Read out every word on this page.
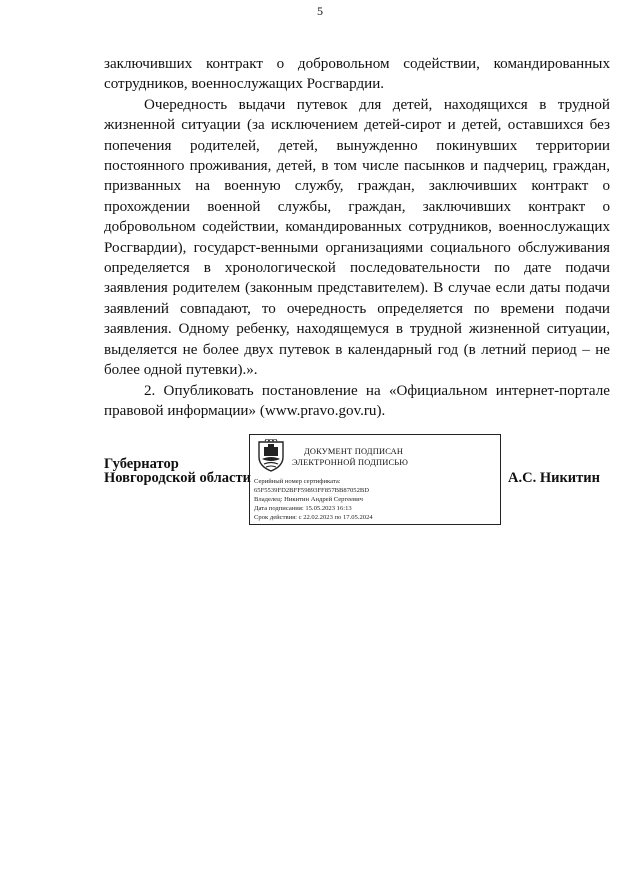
5

заключивших контракт о добровольном содействии, командированных сотрудников, военнослужащих Росгвардии.

Очередность выдачи путевок для детей, находящихся в трудной жизненной ситуации (за исключением детей-сирот и детей, оставшихся без попечения родителей, детей, вынужденно покинувших территории постоянного проживания, детей, в том числе пасынков и падчериц, граждан, призванных на военную службу, граждан, заключивших контракт о прохождении военной службы, граждан, заключивших контракт о добровольном содействии, командированных сотрудников, военнослужащих Росгвардии), государст-венными организациями социального обслуживания определяется в хронологической последовательности по дате подачи заявления родителем (законным представителем). В случае если даты подачи заявлений совпадают, то очередность определяется по времени подачи заявления. Одному ребенку, находящемуся в трудной жизненной ситуации, выделяется не более двух путевок в календарный год (в летний период – не более одной путевки).».

2. Опубликовать постановление на «Официальном интернет-портале правовой информации» (www.pravo.gov.ru).

Губернатор
Новгородской области
ДОКУМЕНТ ПОДПИСАН
ЭЛЕКТРОННОЙ ПОДПИСЬЮ
Серийный номер сертификата:
65F5539FD2BFF59893FF857BB87052BD
Владелец: Никитин Андрей Сергеевич
Дата подписания: 15.05.2023 16:13
Срок действия: с 22.02.2023 по 17.05.2024
А.С. Никитин
